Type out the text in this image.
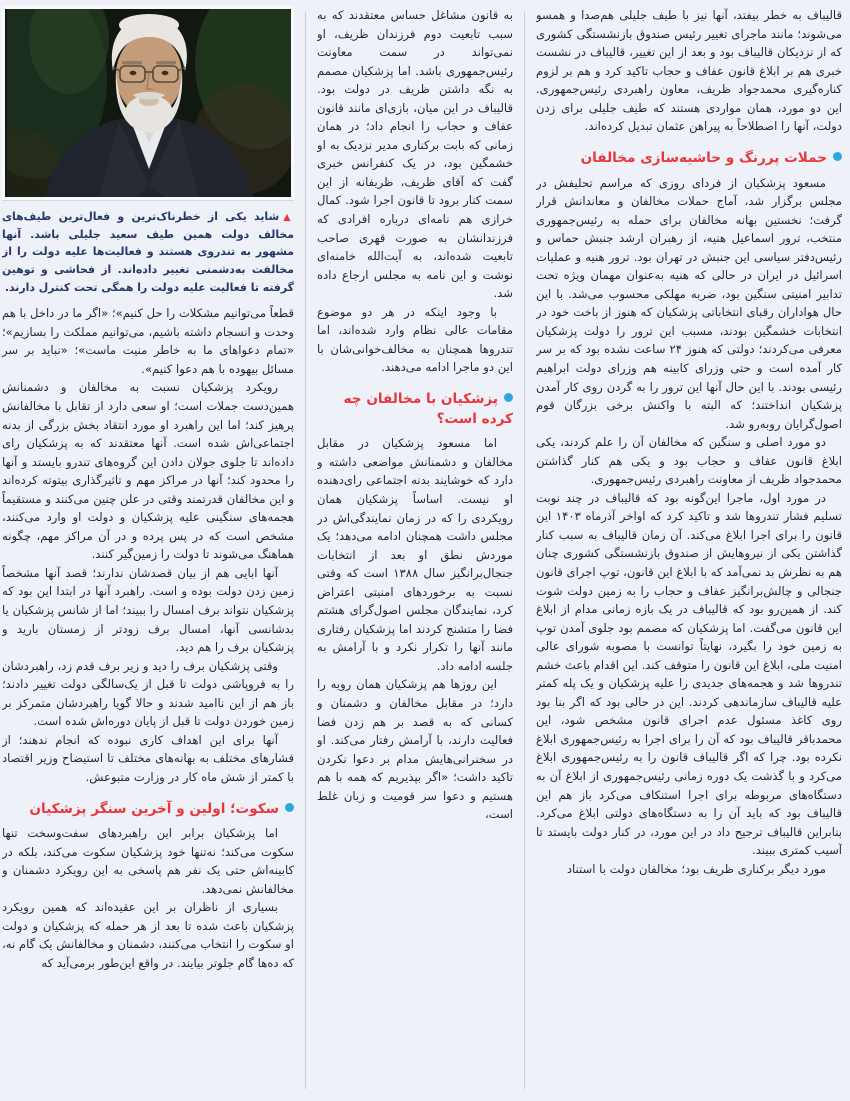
قالیباف به خطر بیفتد، آنها نیز با طیف جلیلی هم‌صدا و همسو می‌شوند؛ مانند ماجرای تغییر رئیس صندوق بازنشستگی کشوری که از نزدیکان قالیباف بود و بعد از این تغییر، قالیباف در نشست خبری هم بر ابلاغ قانون عفاف و حجاب تاکید کرد و هم بر لزوم کناره‌گیری محمدجواد ظریف، معاون راهبردی رئیس‌جمهوری. این دو مورد، همان مواردی هستند که طیف جلیلی برای زدن دولت، آنها را اصطلاحاً به پیراهن عثمان تبدیل کرده‌اند.

حملات پررنگ و حاشیه‌سازی مخالفان

مسعود پزشکیان از فردای روزی که مراسم تحلیفش در مجلس برگزار شد، آماج حملات مخالفان و معاندانش قرار گرفت؛ نخستین بهانه مخالفان برای حمله به رئیس‌جمهوری منتخب، ترور اسماعیل هنیه، از رهبران ارشد جنبش حماس و رئیس‌دفتر سیاسی این جنبش در تهران بود. ترور هنیه و عملیات اسرائیل در ایران در حالی که هنیه به‌عنوان مهمان ویژه تحت تدابیر امنیتی سنگین بود، ضربه مهلکی محسوب می‌شد. با این حال هواداران رقبای انتخاباتی پزشکیان که هنوز از باخت خود در انتخابات خشمگین بودند، مسبب این ترور را دولت پزشکیان معرفی می‌کردند؛ دولتی که هنوز ۲۴ ساعت نشده بود که بر سر کار آمده است و حتی وزرای کابینه هم وزرای دولت ابراهیم رئیسی بودند. با این حال آنها این ترور را به گردن روی کار آمدن پزشکیان انداختند؛ که البته با واکنش برخی بزرگان قوم اصول‌گرایان روبه‌رو شد.

دو مورد اصلی و سنگین که مخالفان آن را علم کردند، یکی ابلاغ قانون عفاف و حجاب بود و یکی هم کنار گذاشتن محمدجواد ظریف از معاونت راهبردی رئیس‌جمهوری.

در مورد اول، ماجرا این‌گونه بود که قالیباف در چند نوبت تسلیم فشار تندروها شد و تاکید کرد که اواخر آذرماه ۱۴۰۳ این قانون را برای اجرا ابلاغ می‌کند. آن زمان قالیباف به سبب کنار گذاشتن یکی از نیروهایش از صندوق بازنشستگی کشوری چنان هم به نظرش بد نمی‌آمد که با ابلاغ این قانون، توپ اجرای قانون جنجالی و چالش‌برانگیز عفاف و حجاب را به زمین دولت شوت کند. از همین‌رو بود که قالیباف در یک بازه زمانی مدام از ابلاغ این قانون می‌گفت. اما پزشکیان که مصمم بود جلوی آمدن توپ به زمین خود را بگیرد، نهایتاً توانست با مصوبه شورای عالی امنیت ملی، ابلاغ این قانون را متوقف کند. این اقدام باعث خشم تندروها شد و هجمه‌های جدیدی را علیه پزشکیان و یک پله کمتر علیه قالیباف سازماندهی کردند. این در حالی بود که اگر بنا بود روی کاغذ مسئول عدم اجرای قانون مشخص شود، این محمدباقر قالیباف بود که آن را برای اجرا به رئیس‌جمهوری ابلاغ نکرده بود. چرا که اگر قالیباف قانون را به رئیس‌جمهوری ابلاغ می‌کرد و با گذشت یک دوره زمانی رئیس‌جمهوری از ابلاغ آن به دستگاه‌های مربوطه برای اجرا استنکاف می‌کرد باز هم این قالیباف بود که باید آن را به دستگاه‌های دولتی ابلاغ می‌کرد. بنابراین قالیباف ترجیح داد در این مورد، در کنار دولت بایستد تا آسیب کمتری ببیند.

مورد دیگر برکناری ظریف بود؛ مخالفان دولت با استناد

به قانون مشاغل حساس معتقدند که به سبب تابعیت دوم فرزندان ظریف، او نمی‌تواند در سمت معاونت رئیس‌جمهوری باشد. اما پزشکیان مصمم به نگه داشتن ظریف در دولت بود. قالیباف در این میان، بازی‌ای مانند قانون عفاف و حجاب را انجام داد؛ در همان زمانی که بابت برکناری مدیر نزدیک به او خشمگین بود، در یک کنفرانس خبری گفت که آقای ظریف، ظریفانه از این سمت کنار برود تا قانون اجرا شود. کمال خرازی هم نامه‌ای درباره افرادی که فرزندانشان به صورت قهری صاحب تابعیت شده‌اند، به آیت‌الله خامنه‌ای نوشت و این نامه به مجلس ارجاع داده شد.

با وجود اینکه در هر دو موضوع مقامات عالی نظام وارد شده‌اند، اما تندروها همچنان به مخالف‌خوانی‌شان با این دو ماجرا ادامه می‌دهند.

پزشکیان با مخالفان چه کرده است؟

اما مسعود پزشکیان در مقابل مخالفان و دشمنانش مواضعی داشته و دارد که خوشایند بدنه اجتماعی رای‌دهنده او نیست. اساساً پزشکیان همان رویکردی را که در زمان نمایندگی‌اش در مجلس داشت همچنان ادامه می‌دهد؛ یک موردش نطق او بعد از انتخابات جنجال‌برانگیز سال ۱۳۸۸ است که وقتی نسبت به برخوردهای امنیتی اعتراض کرد، نمایندگان مجلس اصول‌گرای هشتم فضا را متشنج کردند اما پزشکیان رفتاری مانند آنها را تکرار نکرد و با آرامش به جلسه ادامه داد.

این روزها هم پزشکیان همان رویه را دارد؛ در مقابل مخالفان و دشمنان و کسانی که به قصد بر هم زدن فضا فعالیت دارند، با آرامش رفتار می‌کند. او در سخنرانی‌هایش مدام بر دعوا نکردن تاکید داشت؛ «اگر بپذیریم که همه با هم هستیم و دعوا سر قومیت و زبان غلط است،

▲شاید یکی از خطرناک‌ترین و فعال‌ترین طیف‌های مخالف دولت همین طیف سعید جلیلی باشد. آنها مشهور به تندروی هستند و فعالیت‌ها علیه دولت را از مخالفت به‌دشمنی تغییر داده‌اند. از فحاشی و توهین گرفته تا فعالیت علیه دولت را همگی تحت کنترل دارند.

قطعاً می‌توانیم مشکلات را حل کنیم»؛ «اگر ما در داخل با هم وحدت و انسجام داشته باشیم، می‌توانیم مملکت را بسازیم»؛ «تمام دعواهای ما به خاطر منیت ماست»؛ «نباید بر سر مسائل بیهوده با هم دعوا کنیم».

رویکرد پزشکیان نسبت به مخالفان و دشمنانش همین‌دست جملات است؛ او سعی دارد از تقابل با مخالفانش پرهیز کند؛ اما این راهبرد او مورد انتقاد بخش بزرگی از بدنه اجتماعی‌اش شده است. آنها معتقدند که به پزشکیان رای داده‌اند تا جلوی جولان دادن این گروه‌های تندرو بایستد و آنها را محدود کند؛ آنها در مراکز مهم و تاثیرگذاری بیتوته کرده‌اند و این مخالفان قدرتمند وقتی در علن چنین می‌کنند و مستقیماً هجمه‌های سنگینی علیه پزشکیان و دولت او وارد می‌کنند، مشخص است که در پس پرده و در آن مراکز مهم، چگونه هماهنگ می‌شوند تا دولت را زمین‌گیر کنند.

آنها ابایی هم از بیان قصدشان ندارند؛ قصد آنها مشخصاً زمین زدن دولت بوده و است. راهبرد آنها در ابتدا این بود که پزشکیان نتواند برف امسال را ببیند؛ اما از شانس پزشکیان یا بدشانسی آنها، امسال برف زودتر از زمستان بارید و پزشکیان برف را هم دید.

وقتی پزشکیان برف را دید و زیر برف قدم زد، راهبردشان را به فروپاشی دولت تا قبل از یک‌سالگی دولت تغییر دادند؛ باز هم از این ناامید شدند و حالا گویا راهبردشان متمرکز بر زمین خوردن دولت تا قبل از پایان دوره‌اش شده است.

آنها برای این اهداف کاری نبوده که انجام ندهند؛ از فشارهای مختلف به بهانه‌های مختلف تا استیضاح وزیر اقتصاد با کمتر از شش ماه کار در وزارت متبوعش.

سکوت؛ اولین و آخرین سنگر پزشکیان

اما پزشکیان برابر این راهبردهای سفت‌وسخت تنها سکوت می‌کند؛ نه‌تنها خود پزشکیان سکوت می‌کند، بلکه در کابینه‌اش حتی یک نفر هم پاسخی به این رویکرد دشمنان و مخالفانش نمی‌دهد.

بسیاری از ناظران بر این عقیده‌اند که همین رویکرد پزشکیان باعث شده تا بعد از هر حمله که پزشکیان و دولت او سکوت را انتخاب می‌کنند، دشمنان و مخالفانش یک گام نه، که ده‌ها گام جلوتر بیایند. در واقع این‌طور برمی‌آید که
